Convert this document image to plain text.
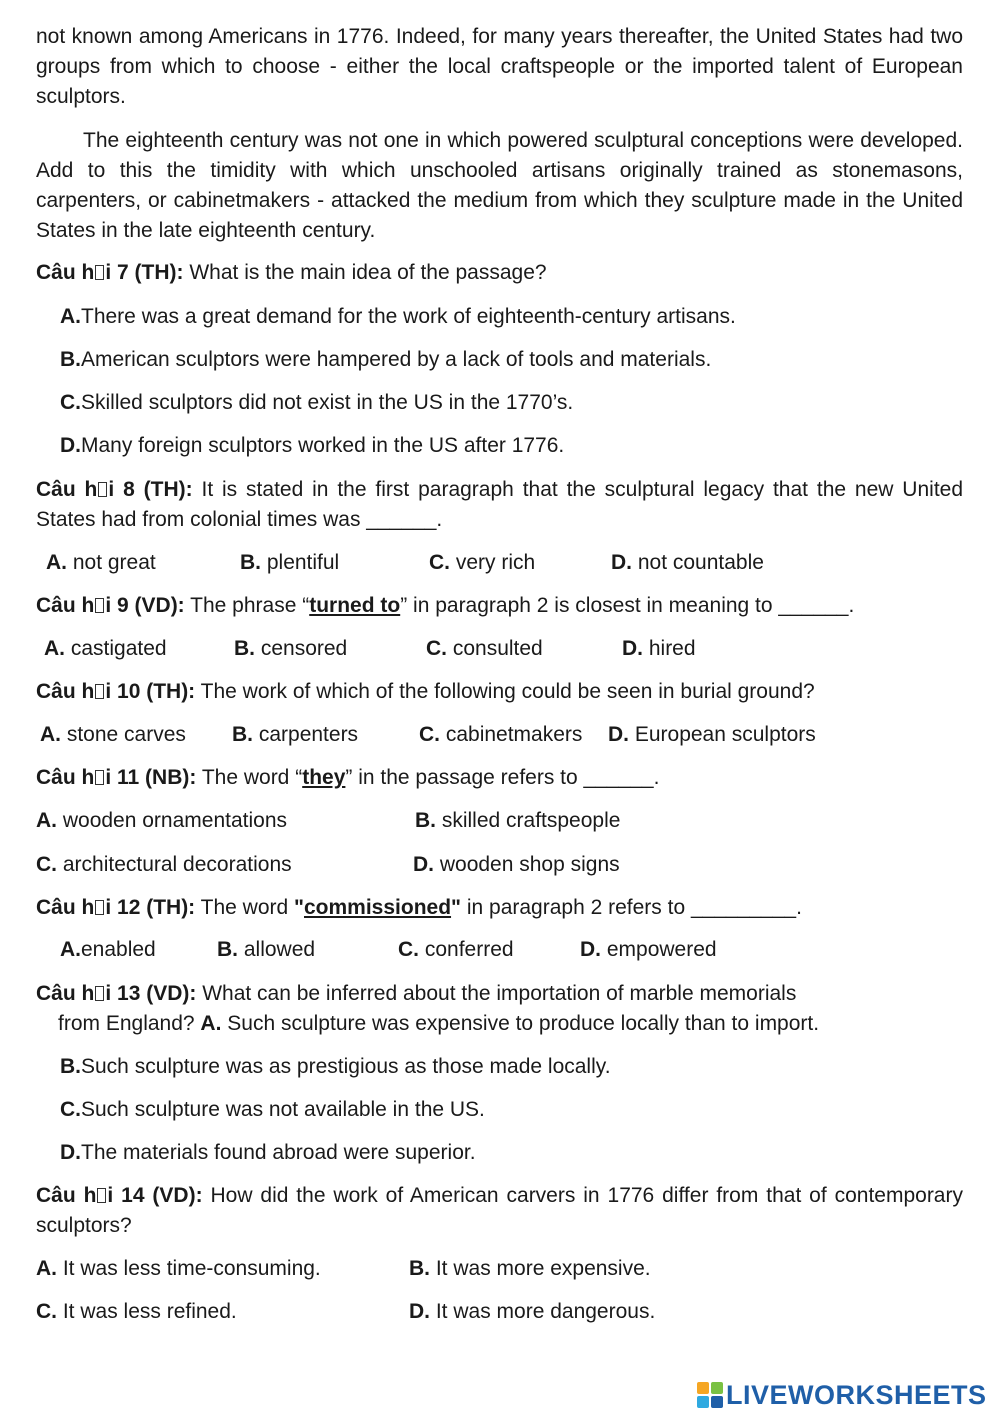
not known among Americans in 1776. Indeed, for many years thereafter, the United States had two groups from which to choose - either the local craftspeople or the imported talent of European sculptors.

The eighteenth century was not one in which powered sculptural conceptions were developed. Add to this the timidity with which unschooled artisans originally trained as stonemasons, carpenters, or cabinetmakers - attacked the medium from which they sculpture made in the United States in the late eighteenth century.

Câu h i 7 (TH): What is the main idea of the passage?

A.There was a great demand for the work of eighteenth-century artisans.
B.American sculptors were hampered by a lack of tools and materials.
C.Skilled sculptors did not exist in the US in the 1770’s.
D.Many foreign sculptors worked in the US after 1776.

Câu h i 8 (TH): It is stated in the first paragraph that the sculptural legacy that the new United States had from colonial times was ______.

A. not great	B. plentiful	C. very rich	D. not countable

Câu h i 9 (VD): The phrase “turned to” in paragraph 2 is closest in meaning to ______.

A. castigated	B. censored	C. consulted	D. hired

Câu h i 10 (TH): The work of which of the following could be seen in burial ground?

A. stone carves B. carpenters	C. cabinetmakers D. European sculptors

Câu h i 11 (NB): The word “they” in the passage refers to ______.

A. wooden ornamentations	B. skilled craftspeople
C. architectural decorations	D. wooden shop signs

Câu h i 12 (TH): The word "commissioned" in paragraph 2 refers to _________.

A.enabled	B. allowed	C. conferred	D. empowered

Câu h i 13 (VD): What can be inferred about the importation of marble memorials

from England? A. Such sculpture was expensive to produce locally than to import.
B.Such sculpture was as prestigious as those made locally.
C.Such sculpture was not available in the US.
D.The materials found abroad were superior.

Câu h i 14 (VD): How did the work of American carvers in 1776 differ from that of contemporary sculptors?

A. It was less time-consuming.	B. It was more expensive.
C. It was less refined.	D. It was more dangerous.
LIVEWORKSHEETS
